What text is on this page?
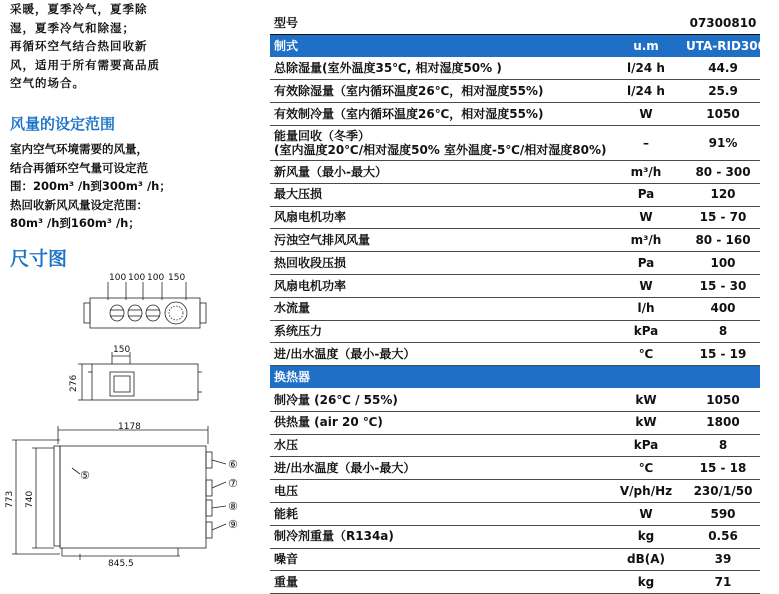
采暖，夏季冷气，夏季除
湿，夏季冷气和除湿；
再循环空气结合热回收新
风，适用于所有需要高品质
空气的场合。
风量的设定范围
室内空气环境需要的风量，
结合再循环空气量可设定范
围：200m³ /h到300m³ /h；
热回收新风风量设定范围：
80m³ /h到160m³ /h；
尺寸图
100 100 100 150
150
276
1178
773 740
845.5
⑤
⑥
⑦
⑧
⑨
型号		07300810
制式	u.m	UTA-RID300-4
总除湿量(室外温度35℃, 相对湿度50% )	l/24 h	44.9
有效除湿量（室内循环温度26℃，相对湿度55%)	l/24 h	25.9
有效制冷量（室内循环温度26℃，相对湿度55%)	W	1050

能量回收（冬季）
(室内温度20℃/相对湿度50% 室外温度-5℃/相对湿度80%)	–	91%
新风量（最小-最大）	m³/h	80 - 300
最大压损	Pa	120
风扇电机功率	W	15 - 70
污浊空气排风风量	m³/h	80 - 160
热回收段压损	Pa	100
风扇电机功率	W	15 - 30
水流量	l/h	400
系统压力	kPa	8
进/出水温度（最小-最大）	℃	15 - 19
换热器		
制冷量 (26℃ / 55%)	kW	1050
供热量 (air 20 ℃)	kW	1800
水压	kPa	8
进/出水温度（最小-最大）	℃	15 - 18
电压	V/ph/Hz	230/1/50
能耗	W	590
制冷剂重量（R134a)	kg	0.56
噪音	dB(A)	39
重量	kg	71
